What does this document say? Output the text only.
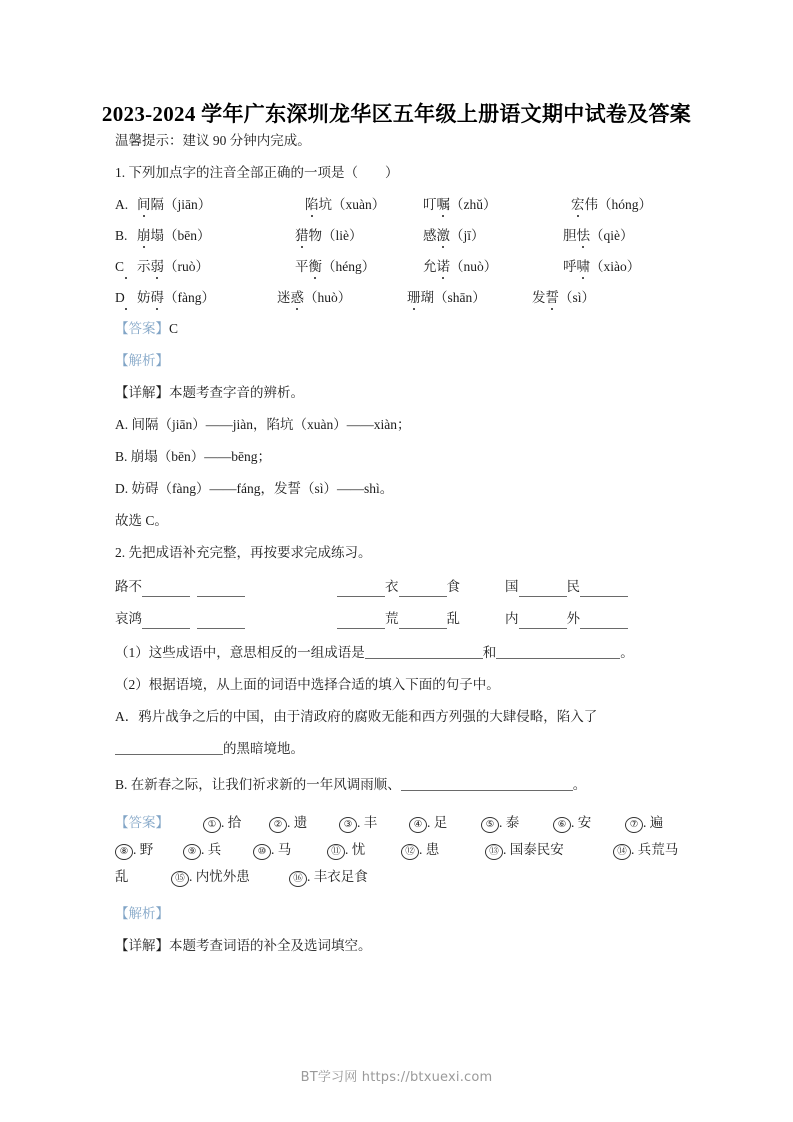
2023-2024 学年广东深圳龙华区五年级上册语文期中试卷及答案

温馨提示：建议 90 分钟内完成。

1. 下列加点字的注音全部正确的一项是（        ）

A. 间隔（jiān）	陷坑（xuàn）	叮嘱（zhǔ）	宏伟（hóng）
B. 崩塌（bēn）	猎物（liè）	感激（jī）	胆怯（qiè）
C 示弱（ruò）	平衡（héng）	允诺（nuò）	呼啸（xiào）
D 妨碍（fàng）	迷惑（huò）	珊瑚（shān）	发誓（sì）

【答案】C

【解析】

【详解】本题考查字音的辨析。

A. 间隔（jiān）——jiàn，陷坑（xuàn）——xiàn；

B. 崩塌（bēn）——bēng；

D. 妨碍（fàng）——fáng，发誓（sì）——shì。

故选 C。

2. 先把成语补充完整，再按要求完成练习。

路不	衣	食	国	民
哀鸿	荒	乱	内	外

（1）这些成语中，意思相反的一组成语是	和	。

（2）根据语境，从上面的词语中选择合适的填入下面的句子中。

A．鸦片战争之后的中国，由于清政府的腐败无能和西方列强的大肆侵略，陷入了

的黑暗境地。

B. 在新春之际，让我们祈求新的一年风调雨顺、	。

【答案】	① . 拾	② . 遗	③ . 丰	④ . 足	⑤ . 泰	⑥ . 安	⑦ . 遍
⑧ . 野	⑨ . 兵	⑩ . 马	⑪ . 忧	⑫ . 患	⑬ . 国泰民安	⑭ . 兵荒马
乱	⑮ . 内忧外患	⑯ . 丰衣足食

【解析】

【详解】本题考查词语的补全及选词填空。

BT学习网 https://btxuexi.com
